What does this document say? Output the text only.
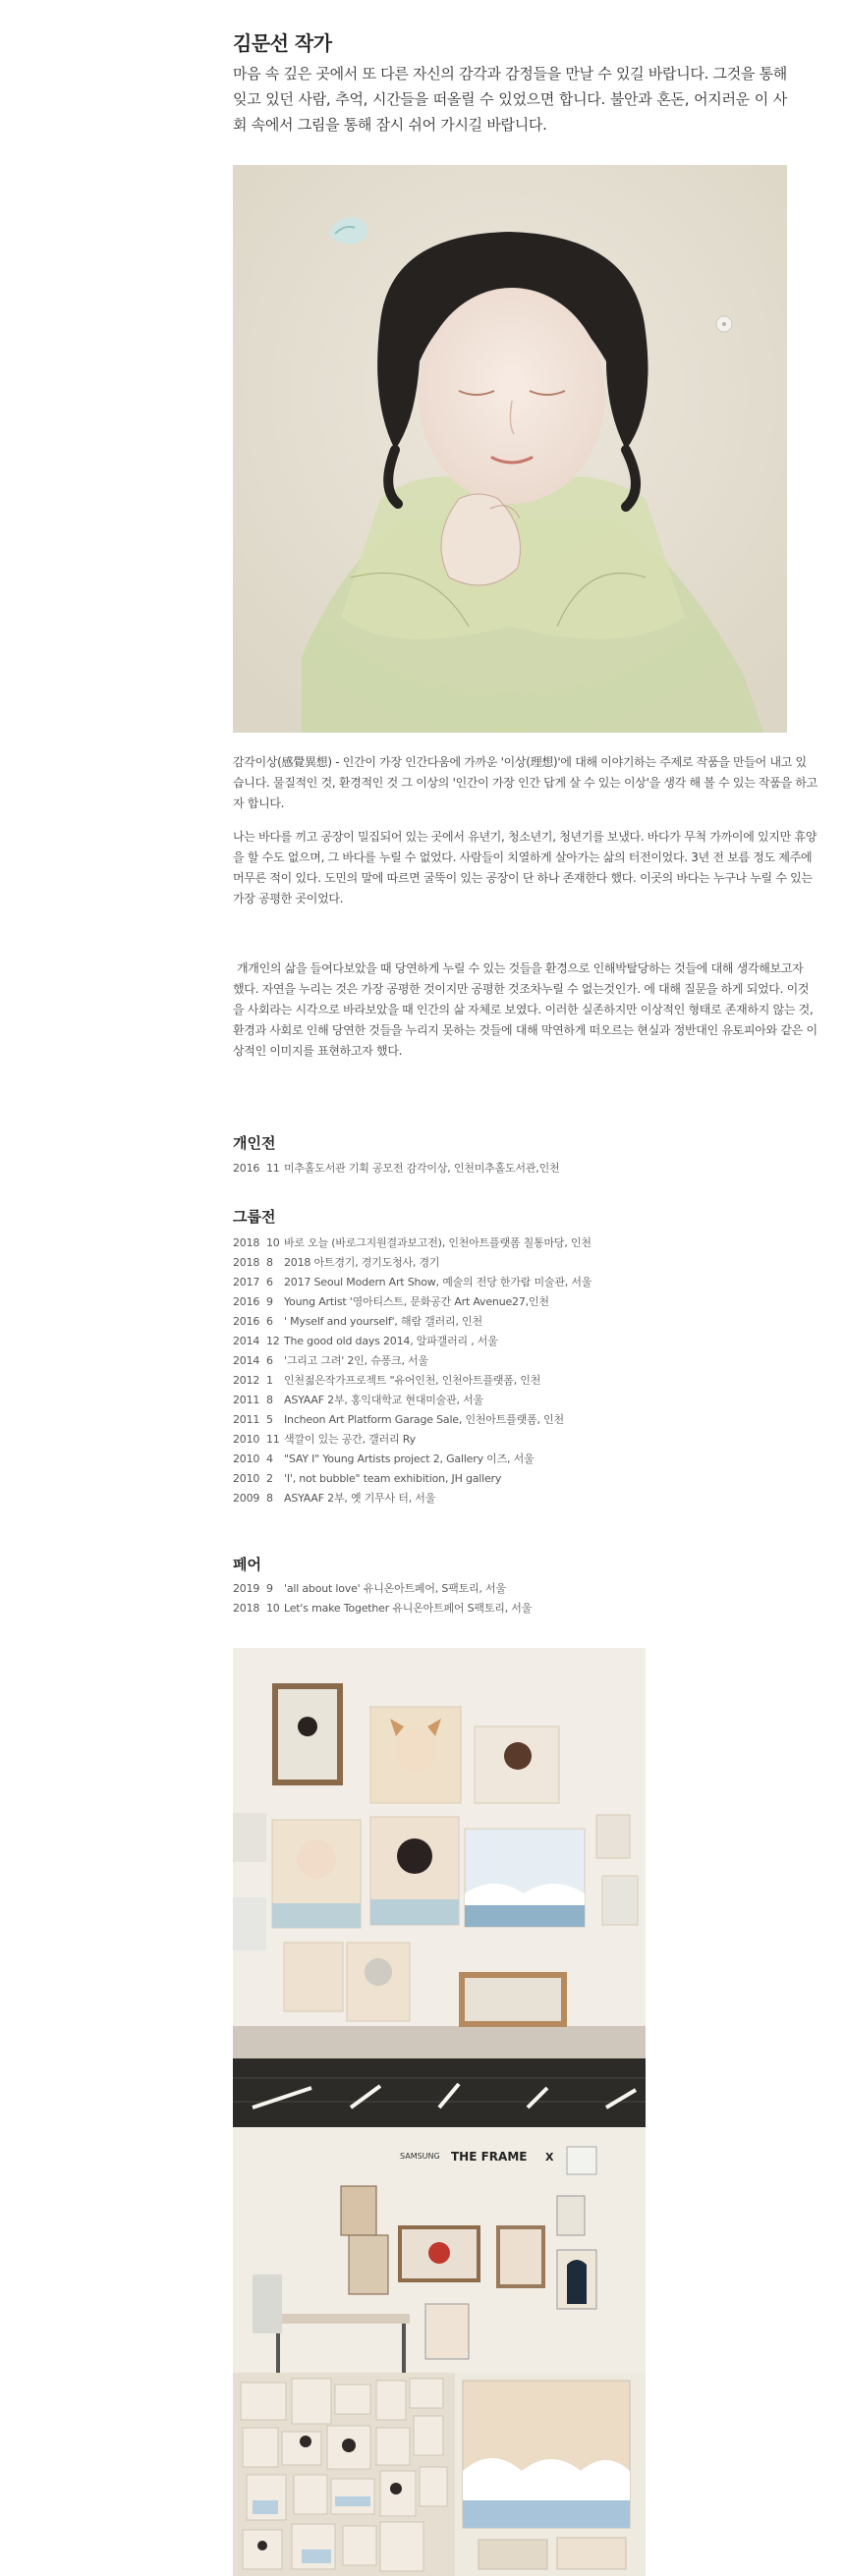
김문선 작가

마음 속 깊은 곳에서 또 다른 자신의 감각과 감정들을 만날 수 있길 바랍니다. 그것을 통해 잊고 있던 사람, 추억, 시간들을 떠올릴 수 있었으면 합니다. 불안과 혼돈, 어지러운 이 사회 속에서 그림을 통해 잠시 쉬어 가시길 바랍니다.

감각이상(感覺異想) - 인간이 가장 인간다움에 가까운 '이상(理想)'에 대해 이야기하는 주제로 작품을 만들어 내고 있습니다. 물질적인 것, 환경적인 것 그 이상의 '인간이 가장 인간 답게 살 수 있는 이상'을 생각 해 볼 수 있는 작품을 하고자 합니다.

나는 바다를 끼고 공장이 밀집되어 있는 곳에서 유년기, 청소년기, 청년기를 보냈다. 바다가 무척 가까이에 있지만 휴양을 할 수도 없으며, 그 바다를 누릴 수 없었다. 사람들이 치열하게 살아가는 삶의 터전이었다. 3년 전 보름 정도 제주에 머무른 적이 있다. 도민의 말에 따르면 굴뚝이 있는 공장이 단 하나 존재한다 했다. 이곳의 바다는 누구나 누릴 수 있는 가장 공평한 곳이었다.

개개인의 삶을 들여다보았을 때 당연하게 누릴 수 있는 것들을 환경으로 인해박탈당하는 것들에 대해 생각해보고자 했다. 자연을 누리는 것은 가장 공평한 것이지만 공평한 것조차누릴 수 없는것인가. 에 대해 질문을 하게 되었다. 이것을 사회라는 시각으로 바라보았을 때 인간의 삶 자체로 보였다. 이러한 실존하지만 이상적인 형태로 존재하지 않는 것, 환경과 사회로 인해 당연한 것들을 누리지 못하는 것들에 대해 막연하게 떠오르는 현실과 정반대인 유토피아와 같은 이상적인 이미지를 표현하고자 했다.

개인전
2016 11 미추홀도서관 기획 공모전 감각이상, 인천미추홀도서관,인천
그룹전
2018 10 바로 오늘 (바로그지원결과보고전), 인천아트플랫폼 칠통마당, 인천
2018 8 2018 아트경기, 경기도청사, 경기
2017 6 2017 Seoul Modern Art Show, 예술의 전당 한가람 미술관, 서울
2016 9 Young Artist '영아티스트, 문화공간 Art Avenue27,인천
2016 6 ' Myself and yourself', 해람 갤러리, 인천
2014 12 The good old days 2014, 알파갤러리 , 서울
2014 6 '그리고 그려' 2인, 슈퐁크, 서울
2012 1 인천젊은작가프로젝트 "유어인천, 인천아트플랫폼, 인천
2011 8 ASYAAF 2부, 홍익대학교 현대미술관, 서울
2011 5 Incheon Art Platform Garage Sale, 인천아트플랫폼, 인천
2010 11 색깔이 있는 공간, 갤러리 Ry
2010 4 "SAY I" Young Artists project 2, Gallery 이즈, 서울
2010 2 'I', not bubble" team exhibition, JH gallery
2009 8 ASYAAF 2부, 옛 기무사 터, 서울
페어
2019 9 'all about love' 유니온아트페어, S팩토리, 서울
2018 10 Let's make Together 유니온아트페어 S팩토리, 서울
SAMSUNG THE FRAME X
